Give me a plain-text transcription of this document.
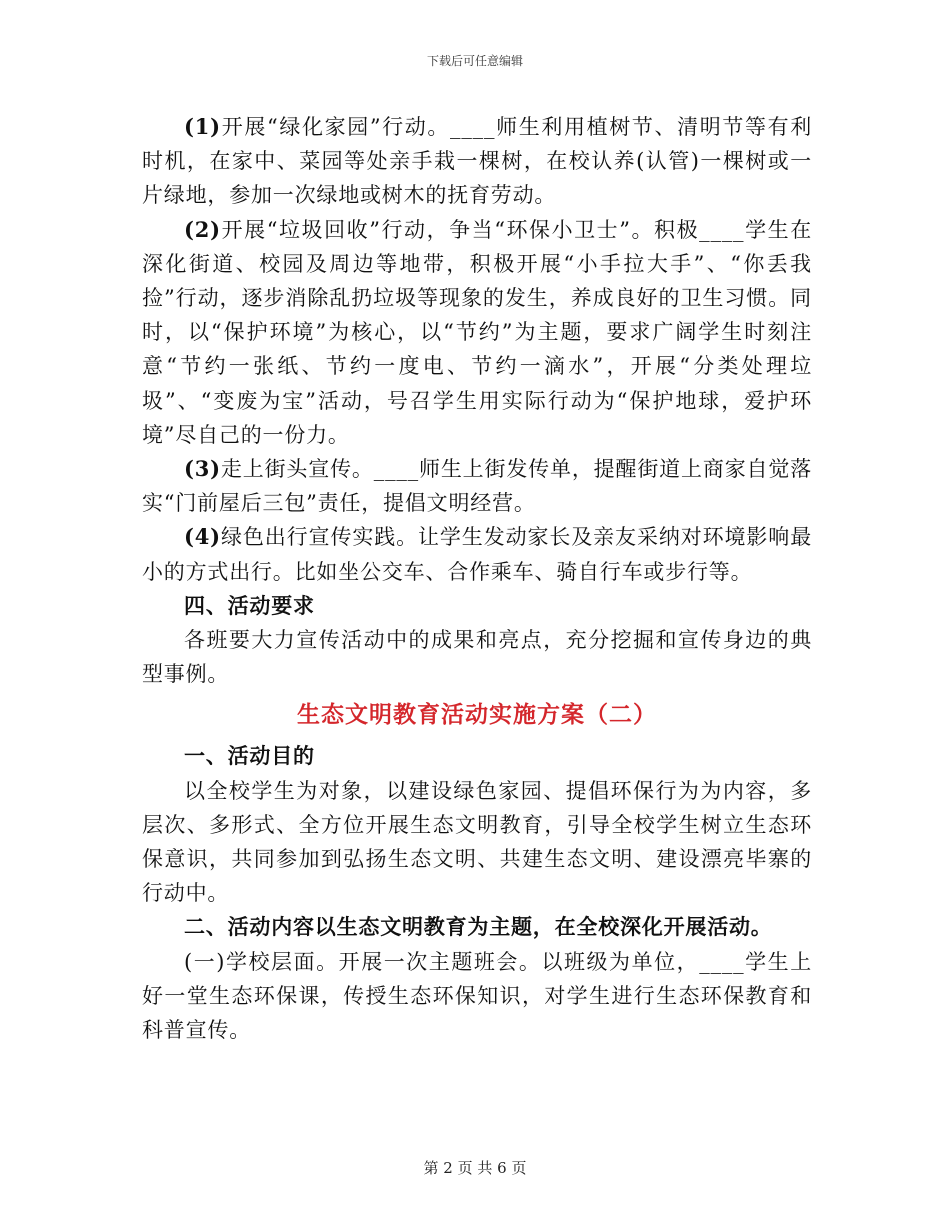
下载后可任意编辑

(1)开展“绿化家园”行动。____师生利用植树节、清明节等有利时机，在家中、菜园等处亲手栽一棵树，在校认养(认管)一棵树或一片绿地，参加一次绿地或树木的抚育劳动。

(2)开展“垃圾回收”行动，争当“环保小卫士”。积极____学生在深化街道、校园及周边等地带，积极开展“小手拉大手”、“你丢我捡”行动，逐步消除乱扔垃圾等现象的发生，养成良好的卫生习惯。同时，以“保护环境”为核心，以“节约”为主题，要求广阔学生时刻注意“节约一张纸、节约一度电、节约一滴水”，开展“分类处理垃圾”、“变废为宝”活动，号召学生用实际行动为“保护地球，爱护环境”尽自己的一份力。

(3)走上街头宣传。____师生上街发传单，提醒街道上商家自觉落实“门前屋后三包”责任，提倡文明经营。

(4)绿色出行宣传实践。让学生发动家长及亲友采纳对环境影响最小的方式出行。比如坐公交车、合作乘车、骑自行车或步行等。

四、活动要求

各班要大力宣传活动中的成果和亮点，充分挖掘和宣传身边的典型事例。

生态文明教育活动实施方案（二）

一、活动目的

以全校学生为对象，以建设绿色家园、提倡环保行为为内容，多层次、多形式、全方位开展生态文明教育，引导全校学生树立生态环保意识，共同参加到弘扬生态文明、共建生态文明、建设漂亮毕寨的行动中。

二、活动内容以生态文明教育为主题，在全校深化开展活动。

(一)学校层面。开展一次主题班会。以班级为单位，____学生上好一堂生态环保课，传授生态环保知识，对学生进行生态环保教育和科普宣传。

第 2 页 共 6 页
